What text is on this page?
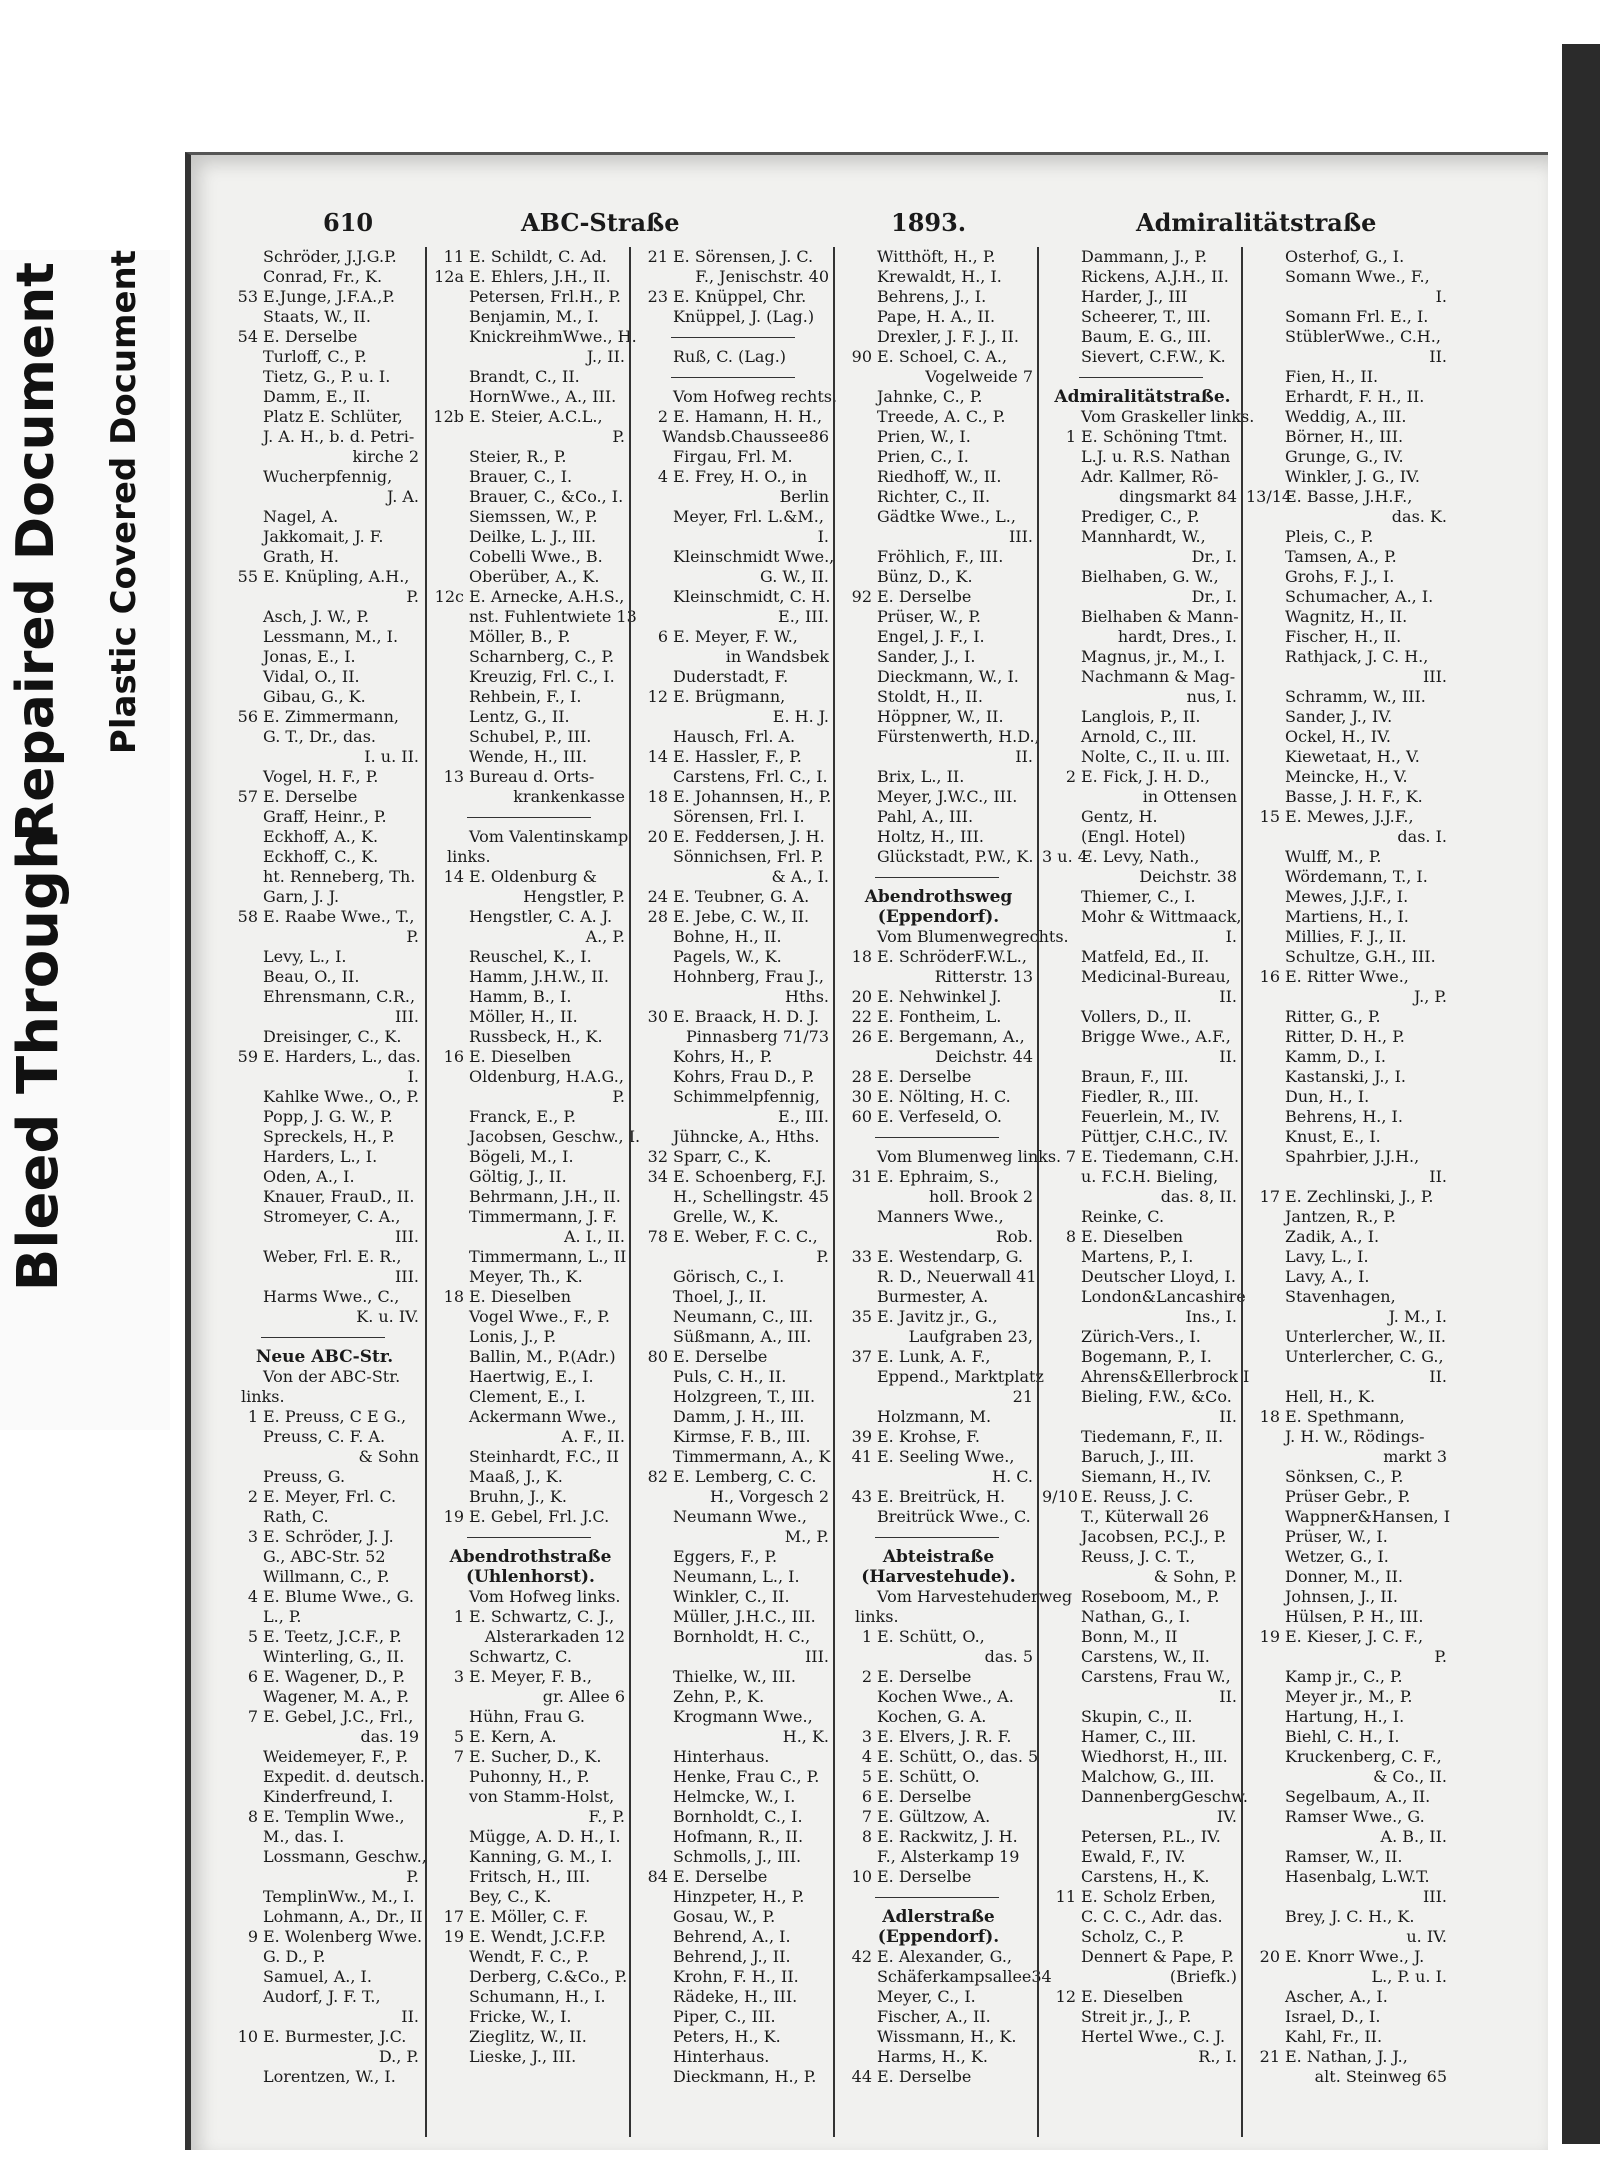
Bleed Through
Repaired Document Plastic Covered Document
610	ABC-Straße	1893.	Admiralitätstraße
Schröder, J.J.G.P.
Conrad, Fr., K.
53 E.Junge, J.F.A.,P.
Staats, W., II.
54 E. Derselbe
Turloff, C., P.
Tietz, G., P. u. I.
Damm, E., II.
Platz E. Schlüter,
J. A. H., b. d. Petri-
kirche 2
Wucherpfennig,
J. A.
Nagel, A.
Jakkomait, J. F.
Grath, H.
55 E. Knüpling, A.H.,
P.
Asch, J. W., P.
Lessmann, M., I.
Jonas, E., I.
Vidal, O., II.
Gibau, G., K.
56 E. Zimmermann,
G. T., Dr., das.
I. u. II.
Vogel, H. F., P.
57 E. Derselbe
Graff, Heinr., P.
Eckhoff, A., K.
Eckhoff, C., K.
ht. Renneberg, Th.
Garn, J. J.
58 E. Raabe Wwe., T.,
P.
Levy, L., I.
Beau, O., II.
Ehrensmann, C.R.,
III.
Dreisinger, C., K.
59 E. Harders, L., das.
I.
Kahlke Wwe., O., P.
Popp, J. G. W., P.
Spreckels, H., P.
Harders, L., I.
Oden, A., I.
Knauer, FrauD., II.
Stromeyer, C. A.,
III.
Weber, Frl. E. R.,
III.
Harms Wwe., C.,
K. u. IV.
Neue ABC-Str.
Von der ABC-Str.
links.
1 E. Preuss, C E G.,
Preuss, C. F. A.
& Sohn
Preuss, G.
2 E. Meyer, Frl. C.
Rath, C.
3 E. Schröder, J. J.
G., ABC-Str. 52
Willmann, C., P.
4 E. Blume Wwe., G.
L., P.
5 E. Teetz, J.C.F., P.
Winterling, G., II.
6 E. Wagener, D., P.
Wagener, M. A., P.
7 E. Gebel, J.C., Frl.,
das. 19
Weidemeyer, F., P.
Expedit. d. deutsch.
Kinderfreund, I.
8 E. Templin Wwe.,
M., das. I.
Lossmann, Geschw.,
P.
TemplinWw., M., I.
Lohmann, A., Dr., II
9 E. Wolenberg Wwe.
G. D., P.
Samuel, A., I.
Audorf, J. F. T.,
II.
10 E. Burmester, J.C.
D., P.
Lorentzen, W., I.
11 E. Schildt, C. Ad.
12a E. Ehlers, J.H., II.
Petersen, Frl.H., P.
Benjamin, M., I.
KnickreihmWwe., H.
J., II.
Brandt, C., II.
HornWwe., A., III.
12b E. Steier, A.C.L.,
P.
Steier, R., P.
Brauer, C., I.
Brauer, C., &Co., I.
Siemssen, W., P.
Deilke, L. J., III.
Cobelli Wwe., B.
Oberüber, A., K.
12c E. Arnecke, A.H.S.,
nst. Fuhlentwiete 13
Möller, B., P.
Scharnberg, C., P.
Kreuzig, Frl. C., I.
Rehbein, F., I.
Lentz, G., II.
Schubel, P., III.
Wende, H., III.
13 Bureau d. Orts-
krankenkasse
Vom Valentinskamp
links.
14 E. Oldenburg &
Hengstler, P.
Hengstler, C. A. J.
A., P.
Reuschel, K., I.
Hamm, J.H.W., II.
Hamm, B., I.
Möller, H., II.
Russbeck, H., K.
16 E. Dieselben
Oldenburg, H.A.G.,
P.
Franck, E., P.
Jacobsen, Geschw., I.
Bögeli, M., I.
Göltig, J., II.
Behrmann, J.H., II.
Timmermann, J. F.
A. I., II.
Timmermann, L., II
Meyer, Th., K.
18 E. Dieselben
Vogel Wwe., F., P.
Lonis, J., P.
Ballin, M., P.(Adr.)
Haertwig, E., I.
Clement, E., I.
Ackermann Wwe.,
A. F., II.
Steinhardt, F.C., II
Maaß, J., K.
Bruhn, J., K.
19 E. Gebel, Frl. J.C.
Abendrothstraße
(Uhlenhorst).
Vom Hofweg links.
1 E. Schwartz, C. J.,
Alsterarkaden 12
Schwartz, C.
3 E. Meyer, F. B.,
gr. Allee 6
Hühn, Frau G.
5 E. Kern, A.
7 E. Sucher, D., K.
Puhonny, H., P.
von Stamm-Holst,
F., P.
Mügge, A. D. H., I.
Kanning, G. M., I.
Fritsch, H., III.
Bey, C., K.
17 E. Möller, C. F.
19 E. Wendt, J.C.F.P.
Wendt, F. C., P.
Derberg, C.&Co., P.
Schumann, H., I.
Fricke, W., I.
Zieglitz, W., II.
Lieske, J., III.
21 E. Sörensen, J. C.
F., Jenischstr. 40
23 E. Knüppel, Chr.
Knüppel, J. (Lag.)
Ruß, C. (Lag.)
Vom Hofweg rechts.
2 E. Hamann, H. H.,
Wandsb.Chaussee86
Firgau, Frl. M.
4 E. Frey, H. O., in
Berlin
Meyer, Frl. L.&M.,
I.
Kleinschmidt Wwe.,
G. W., II.
Kleinschmidt, C. H.
E., III.
6 E. Meyer, F. W.,
in Wandsbek
Duderstadt, F.
12 E. Brügmann,
E. H. J.
Hausch, Frl. A.
14 E. Hassler, F., P.
Carstens, Frl. C., I.
18 E. Johannsen, H., P.
Sörensen, Frl. I.
20 E. Feddersen, J. H.
Sönnichsen, Frl. P.
& A., I.
24 E. Teubner, G. A.
28 E. Jebe, C. W., II.
Bohne, H., II.
Pagels, W., K.
Hohnberg, Frau J.,
Hths.
30 E. Braack, H. D. J.
Pinnasberg 71/73
Kohrs, H., P.
Kohrs, Frau D., P.
Schimmelpfennig,
E., III.
Jühncke, A., Hths.
32 Sparr, C., K.
34 E. Schoenberg, F.J.
H., Schellingstr. 45
Grelle, W., K.
78 E. Weber, F. C. C.,
P.
Görisch, C., I.
Thoel, J., II.
Neumann, C., III.
Süßmann, A., III.
80 E. Derselbe
Puls, C. H., II.
Holzgreen, T., III.
Damm, J. H., III.
Kirmse, F. B., III.
Timmermann, A., K
82 E. Lemberg, C. C.
H., Vorgesch 2
Neumann Wwe.,
M., P.
Eggers, F., P.
Neumann, L., I.
Winkler, C., II.
Müller, J.H.C., III.
Bornholdt, H. C.,
III.
Thielke, W., III.
Zehn, P., K.
Krogmann Wwe.,
H., K.
Hinterhaus.
Henke, Frau C., P.
Helmcke, W., I.
Bornholdt, C., I.
Hofmann, R., II.
Schmolls, J., III.
84 E. Derselbe
Hinzpeter, H., P.
Gosau, W., P.
Behrend, A., I.
Behrend, J., II.
Krohn, F. H., II.
Rädeke, H., III.
Piper, C., III.
Peters, H., K.
Hinterhaus.
Dieckmann, H., P.
Witthöft, H., P.
Krewaldt, H., I.
Behrens, J., I.
Pape, H. A., II.
Drexler, J. F. J., II.
90 E. Schoel, C. A.,
Vogelweide 7
Jahnke, C., P.
Treede, A. C., P.
Prien, W., I.
Prien, C., I.
Riedhoff, W., II.
Richter, C., II.
Gädtke Wwe., L.,
III.
Fröhlich, F., III.
Bünz, D., K.
92 E. Derselbe
Prüser, W., P.
Engel, J. F., I.
Sander, J., I.
Dieckmann, W., I.
Stoldt, H., II.
Höppner, W., II.
Fürstenwerth, H.D.,
II.
Brix, L., II.
Meyer, J.W.C., III.
Pahl, A., III.
Holtz, H., III.
Glückstadt, P.W., K.
Abendrothsweg
(Eppendorf).
Vom Blumenwegrechts.
18 E. SchröderF.W.L.,
Ritterstr. 13
20 E. Nehwinkel J.
22 E. Fontheim, L.
26 E. Bergemann, A.,
Deichstr. 44
28 E. Derselbe
30 E. Nölting, H. C.
60 E. Verfeseld, O.
Vom Blumenweg links.
31 E. Ephraim, S.,
holl. Brook 2
Manners Wwe.,
Rob.
33 E. Westendarp, G.
R. D., Neuerwall 41
Burmester, A.
35 E. Javitz jr., G.,
Laufgraben 23,
37 E. Lunk, A. F.,
Eppend., Marktplatz
21
Holzmann, M.
39 E. Krohse, F.
41 E. Seeling Wwe.,
H. C.
43 E. Breitrück, H.
Breitrück Wwe., C.
Abteistraße
(Harvestehude).
Vom Harvestehuderweg
links.
1 E. Schütt, O.,
das. 5
2 E. Derselbe
Kochen Wwe., A.
Kochen, G. A.
3 E. Elvers, J. R. F.
4 E. Schütt, O., das. 5
5 E. Schütt, O.
6 E. Derselbe
7 E. Gültzow, A.
8 E. Rackwitz, J. H.
F., Alsterkamp 19
10 E. Derselbe
Adlerstraße
(Eppendorf).
42 E. Alexander, G.,
Schäferkampsallee34
Meyer, C., I.
Fischer, A., II.
Wissmann, H., K.
Harms, H., K.
44 E. Derselbe
Dammann, J., P.
Rickens, A.J.H., II.
Harder, J., III
Scheerer, T., III.
Baum, E. G., III.
Sievert, C.F.W., K.
Admiralitätstraße.
Vom Graskeller links.
1 E. Schöning Ttmt.
L.J. u. R.S. Nathan
Adr. Kallmer, Rö-
dingsmarkt 84
Prediger, C., P.
Mannhardt, W.,
Dr., I.
Bielhaben, G. W.,
Dr., I.
Bielhaben & Mann-
hardt, Dres., I.
Magnus, jr., M., I.
Nachmann & Mag-
nus, I.
Langlois, P., II.
Arnold, C., III.
Nolte, C., II. u. III.
2 E. Fick, J. H. D.,
in Ottensen
Gentz, H.
(Engl. Hotel)
3 u. 4E. Levy, Nath.,
Deichstr. 38
Thiemer, C., I.
Mohr & Wittmaack,
I.
Matfeld, Ed., II.
Medicinal-Bureau,
II.
Vollers, D., II.
Brigge Wwe., A.F.,
II.
Braun, F., III.
Fiedler, R., III.
Feuerlein, M., IV.
Püttjer, C.H.C., IV.
7 E. Tiedemann, C.H.
u. F.C.H. Bieling,
das. 8, II.
Reinke, C.
8 E. Dieselben
Martens, P., I.
Deutscher Lloyd, I.
London&Lancashire
Ins., I.
Zürich-Vers., I.
Bogemann, P., I.
Ahrens&Ellerbrock I
Bieling, F.W., &Co.
II.
Tiedemann, F., II.
Baruch, J., III.
Siemann, H., IV.
9/10 E. Reuss, J. C.
T., Küterwall 26
Jacobsen, P.C.J., P.
Reuss, J. C. T.,
& Sohn, P.
Roseboom, M., P.
Nathan, G., I.
Bonn, M., II
Carstens, W., II.
Carstens, Frau W.,
II.
Skupin, C., II.
Hamer, C., III.
Wiedhorst, H., III.
Malchow, G., III.
DannenbergGeschw.
IV.
Petersen, P.L., IV.
Ewald, F., IV.
Carstens, H., K.
11 E. Scholz Erben,
C. C. C., Adr. das.
Scholz, C., P.
Dennert & Pape, P.
(Briefk.)
12 E. Dieselben
Streit jr., J., P.
Hertel Wwe., C. J.
R., I.
Osterhof, G., I.
Somann Wwe., F.,
I.
Somann Frl. E., I.
StüblerWwe., C.H.,
II.
Fien, H., II.
Erhardt, F. H., II.
Weddig, A., III.
Börner, H., III.
Grunge, G., IV.
Winkler, J. G., IV.
13/14E. Basse, J.H.F.,
das. K.
Pleis, C., P.
Tamsen, A., P.
Grohs, F. J., I.
Schumacher, A., I.
Wagnitz, H., II.
Fischer, H., II.
Rathjack, J. C. H.,
III.
Schramm, W., III.
Sander, J., IV.
Ockel, H., IV.
Kiewetaat, H., V.
Meincke, H., V.
Basse, J. H. F., K.
15 E. Mewes, J.J.F.,
das. I.
Wulff, M., P.
Wördemann, T., I.
Mewes, J.J.F., I.
Martiens, H., I.
Millies, F. J., II.
Schultze, G.H., III.
16 E. Ritter Wwe.,
J., P.
Ritter, G., P.
Ritter, D. H., P.
Kamm, D., I.
Kastanski, J., I.
Dun, H., I.
Behrens, H., I.
Knust, E., I.
Spahrbier, J.J.H.,
II.
17 E. Zechlinski, J., P.
Jantzen, R., P.
Zadik, A., I.
Lavy, L., I.
Lavy, A., I.
Stavenhagen,
J. M., I.
Unterlercher, W., II.
Unterlercher, C. G.,
II.
Hell, H., K.
18 E. Spethmann,
J. H. W., Rödings-
markt 3
Sönksen, C., P.
Prüser Gebr., P.
Wappner&Hansen, I
Prüser, W., I.
Wetzer, G., I.
Donner, M., II.
Johnsen, J., II.
Hülsen, P. H., III.
19 E. Kieser, J. C. F.,
P.
Kamp jr., C., P.
Meyer jr., M., P.
Hartung, H., I.
Biehl, C. H., I.
Kruckenberg, C. F.,
& Co., II.
Segelbaum, A., II.
Ramser Wwe., G.
A. B., II.
Ramser, W., II.
Hasenbalg, L.W.T.
III.
Brey, J. C. H., K.
u. IV.
20 E. Knorr Wwe., J.
L., P. u. I.
Ascher, A., I.
Israel, D., I.
Kahl, Fr., II.
21 E. Nathan, J. J.,
alt. Steinweg 65
